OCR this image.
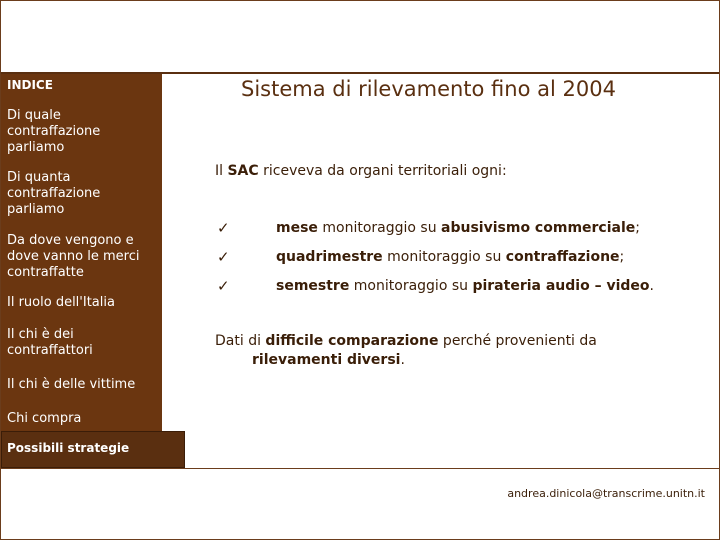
INDICE
Di quale contraffazione parliamo
Di quanta contraffazione parliamo
Da dove vengono e dove vanno le merci contraffatte
Il ruolo dell'Italia
Il chi è dei contraffattori
Il chi è delle vittime
Chi compra
Possibili strategie
Sistema di rilevamento fino al 2004
Il SAC riceveva da organi territoriali ogni:
✓	mese monitoraggio su abusivismo commerciale;
✓	quadrimestre monitoraggio su contraffazione;
✓	semestre monitoraggio su pirateria audio – video.
Dati di difficile comparazione perché provenienti da
rilevamenti diversi.
andrea.dinicola@transcrime.unitn.it
